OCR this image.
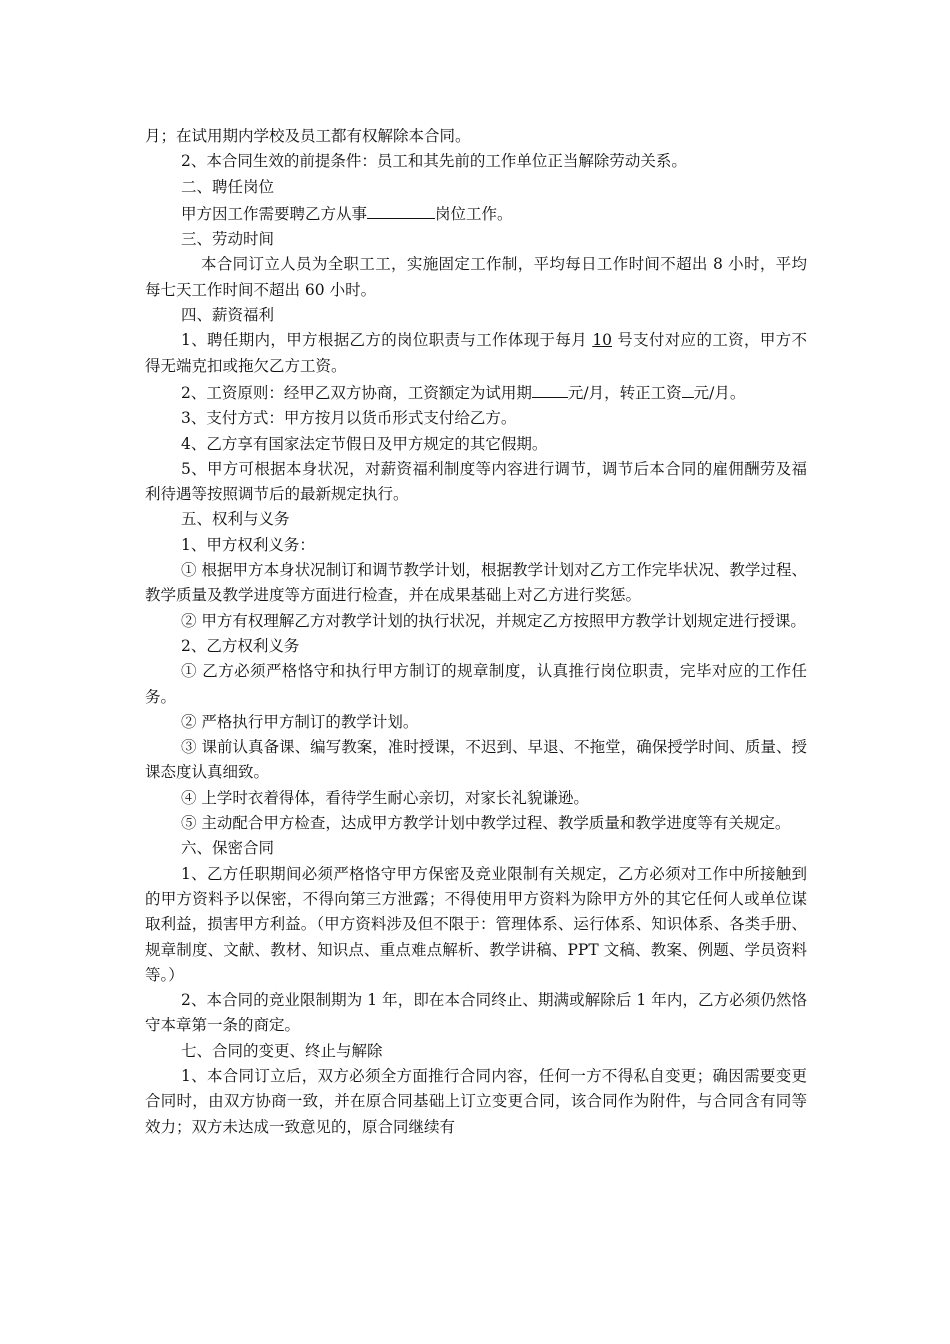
月；在试用期内学校及员工都有权解除本合同。

2、本合同生效的前提条件：员工和其先前的工作单位正当解除劳动关系。

二、聘任岗位

甲方因工作需要聘乙方从事	岗位工作。

三、劳动时间

本合同订立人员为全职工工，实施固定工作制，平均每日工作时间不超出 8 小时，平均每七天工作时间不超出 60 小时。

四、薪资福利

1、聘任期内，甲方根据乙方的岗位职责与工作体现于每月 10 号支付对应的工资，甲方不得无端克扣或拖欠乙方工资。

2、工资原则：经甲乙双方协商，工资额定为试用期 元/月，转正工资 元/月。

3、支付方式：甲方按月以货币形式支付给乙方。

4、乙方享有国家法定节假日及甲方规定的其它假期。

5、甲方可根据本身状况，对薪资福利制度等内容进行调节，调节后本合同的雇佣酬劳及福利待遇等按照调节后的最新规定执行。

五、权利与义务

1、甲方权利义务：

① 根据甲方本身状况制订和调节教学计划，根据教学计划对乙方工作完毕状况、教学过程、教学质量及教学进度等方面进行检查，并在成果基础上对乙方进行奖惩。

② 甲方有权理解乙方对教学计划的执行状况，并规定乙方按照甲方教学计划规定进行授课。

2、乙方权利义务

① 乙方必须严格恪守和执行甲方制订的规章制度，认真推行岗位职责，完毕对应的工作任务。

② 严格执行甲方制订的教学计划。

③ 课前认真备课、编写教案，准时授课，不迟到、早退、不拖堂，确保授学时间、质量、授课态度认真细致。

④ 上学时衣着得体，看待学生耐心亲切，对家长礼貌谦逊。

⑤ 主动配合甲方检查，达成甲方教学计划中教学过程、教学质量和教学进度等有关规定。

六、保密合同

1、乙方任职期间必须严格恪守甲方保密及竞业限制有关规定，乙方必须对工作中所接触到的甲方资料予以保密，不得向第三方泄露；不得使用甲方资料为除甲方外的其它任何人或单位谋取利益，损害甲方利益。（甲方资料涉及但不限于：管理体系、运行体系、知识体系、各类手册、规章制度、文献、教材、知识点、重点难点解析、教学讲稿、PPT 文稿、教案、例题、学员资料等。）

2、本合同的竞业限制期为 1 年，即在本合同终止、期满或解除后 1 年内，乙方必须仍然恪守本章第一条的商定。

七、合同的变更、终止与解除

1、本合同订立后，双方必须全方面推行合同内容，任何一方不得私自变更；确因需要变更合同时，由双方协商一致，并在原合同基础上订立变更合同，该合同作为附件，与合同含有同等效力；双方未达成一致意见的，原合同继续有
